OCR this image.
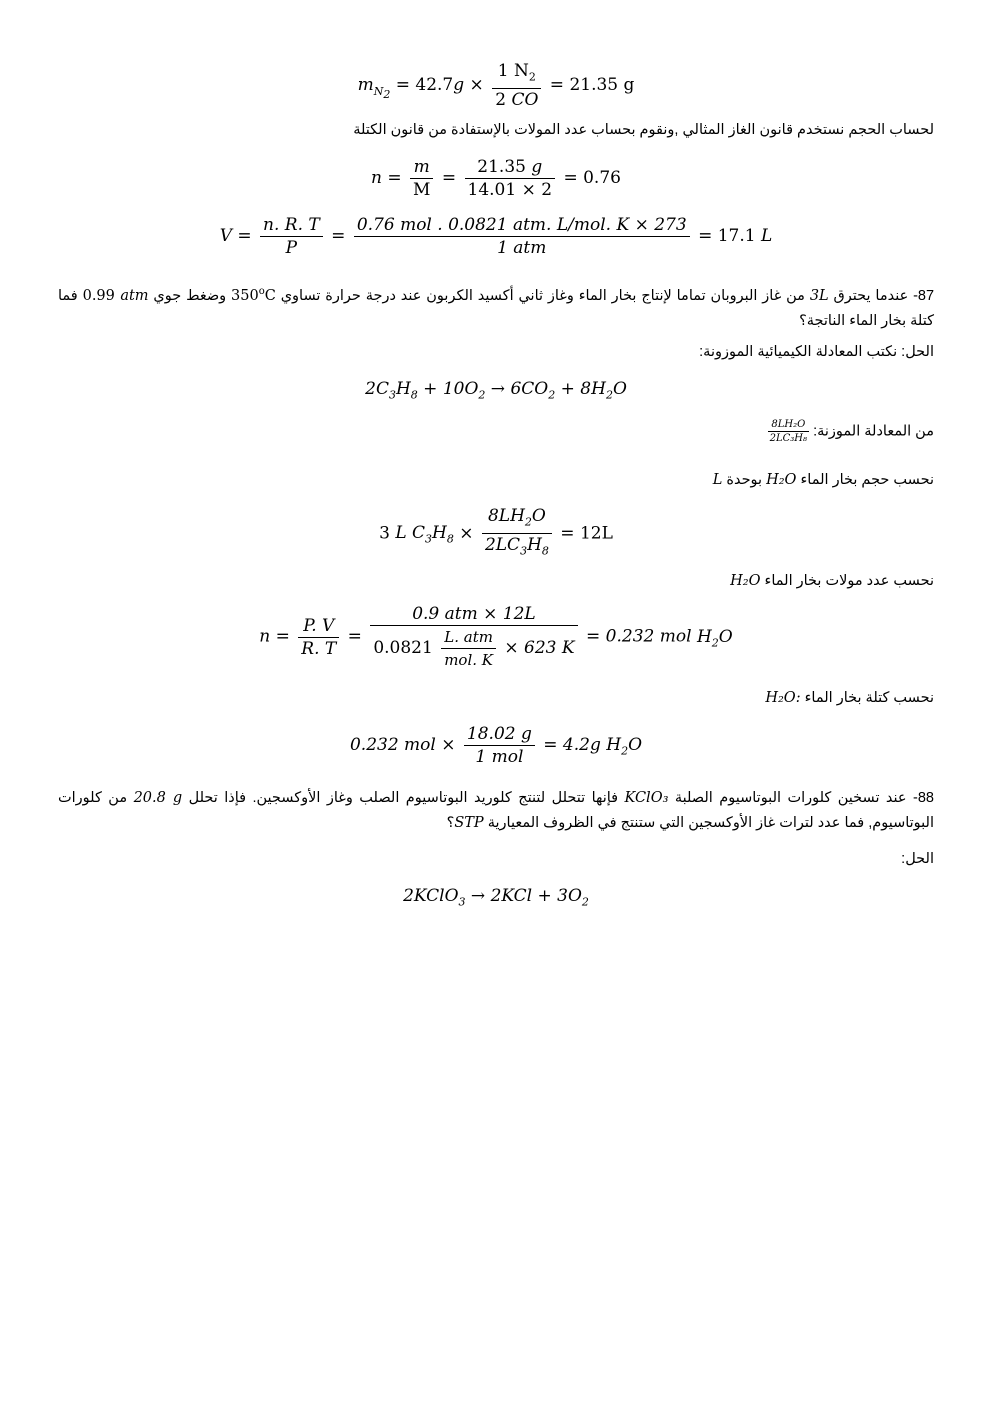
$m_{N_2} = 42.7g \times \frac{1 N_2}{2 CO} = 21.35$ g
لحساب الحجم نستخدم قانون الغاز المثالي ,ونقوم بحساب عدد المولات بالإستفادة من قانون الكتلة
$n = \frac{m}{M} = \frac{21.35 g}{14.01 \times 2} = 0.76$
$V = \frac{n. R. T}{P} = \frac{\text{0.76 mol . 0.0821 atm. L/mol. K × 273}}{\text{1 atm}} = 17.1$ L
87- عندما يحترق 3L من غاز البروبان تماما لإنتاج بخار الماء وغاز ثاني أكسيد الكربون عند درجة حرارة تساوي 350$^o$C وضغط جوي 0.99 atm فما كتلة بخار الماء الناتجة؟
الحل: نكتب المعادلة الكيميائية الموزونة:
$2C_3H_8 + 10O_2 \to 6CO_2 + 8H_2O$
من المعادلة الموزنة:
$\frac{\text{8LH₂O}}{\text{2LC₃H₈}}$
نحسب حجم بخار الماء H₂O بوحدة L
3 L $C_3H_8 \times \frac{8LH_2O}{2LC_3H_8} = 12L$
نحسب عدد مولات بخار الماء H₂O
$n = \frac{P. V}{R. T} = \frac{\text{0.9 atm × 12L}}{0.0821 \frac{\text{L. atm}}{\text{mol. K}} \times 623 K} = 0.232$ mol $H_2O$
نحسب كتلة بخار الماء H₂O:
0.232 mol × $\frac{18.02 g}{\text{1 mol}} = 4.2g$ $H_2O$
88- عند تسخين كلورات البوتاسيوم الصلبة KClO₃ فإنها تتحلل لتنتج كلوريد البوتاسيوم الصلب وغاز الأوكسجين. فإذا تحلل 20.8 g من كلورات البوتاسيوم, فما عدد لترات غاز الأوكسجين التي ستنتج في الظروف المعيارية STP؟
الحل:
2KClO$_3$ → $2KCl + 3O_2$
